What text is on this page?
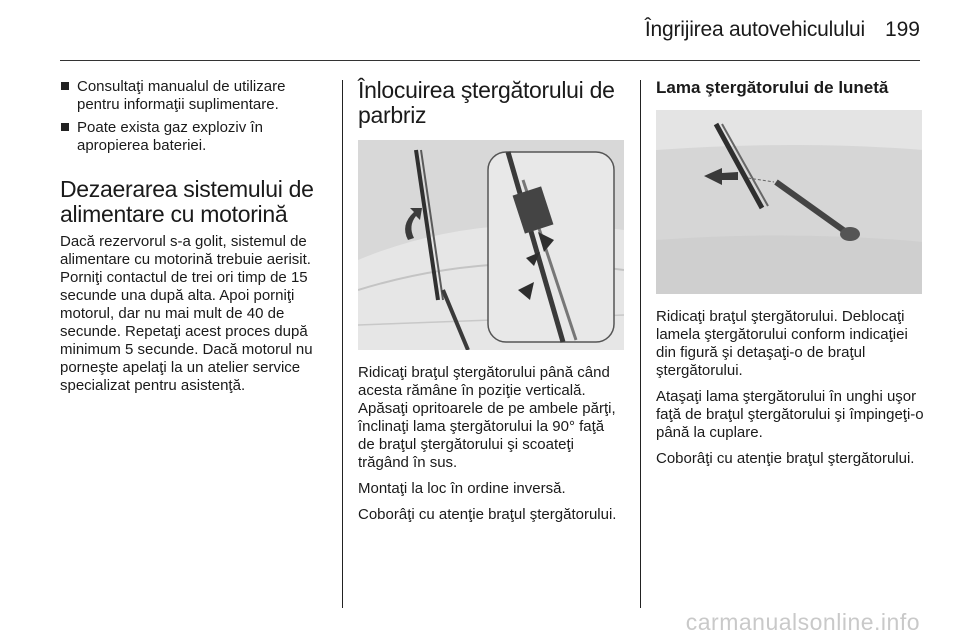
Îngrijirea autovehiculului 199
Consultaţi manualul de utilizare pentru informaţii suplimentare.
Poate exista gaz exploziv în apropierea bateriei.
Dezaerarea sistemului de alimentare cu motorină

Dacă rezervorul s-a golit, sistemul de alimentare cu motorină trebuie aerisit. Porniţi contactul de trei ori timp de 15 secunde una după alta. Apoi porniţi motorul, dar nu mai mult de 40 de secunde. Repetaţi acest proces după minimum 5 secunde. Dacă motorul nu porneşte apelaţi la un atelier service specializat pentru asistenţă.

Înlocuirea ştergătorului de parbriz

Ridicaţi braţul ştergătorului până când acesta rămâne în poziţie verticală. Apăsaţi opritoarele de pe ambele părţi, înclinaţi lama ştergătorului la 90° faţă de braţul ştergătorului şi scoateţi trăgând în sus.

Montaţi la loc în ordine inversă.

Coborâţi cu atenţie braţul ştergătorului.

Lama ştergătorului de lunetă

Ridicaţi braţul ştergătorului. Deblocaţi lamela ştergătorului conform indicaţiei din figură şi detaşaţi-o de braţul ştergătorului.

Ataşaţi lama ştergătorului în unghi uşor faţă de braţul ştergătorului şi împingeţi-o până la cuplare.

Coborâţi cu atenţie braţul ştergătorului.

carmanualsonline.info
